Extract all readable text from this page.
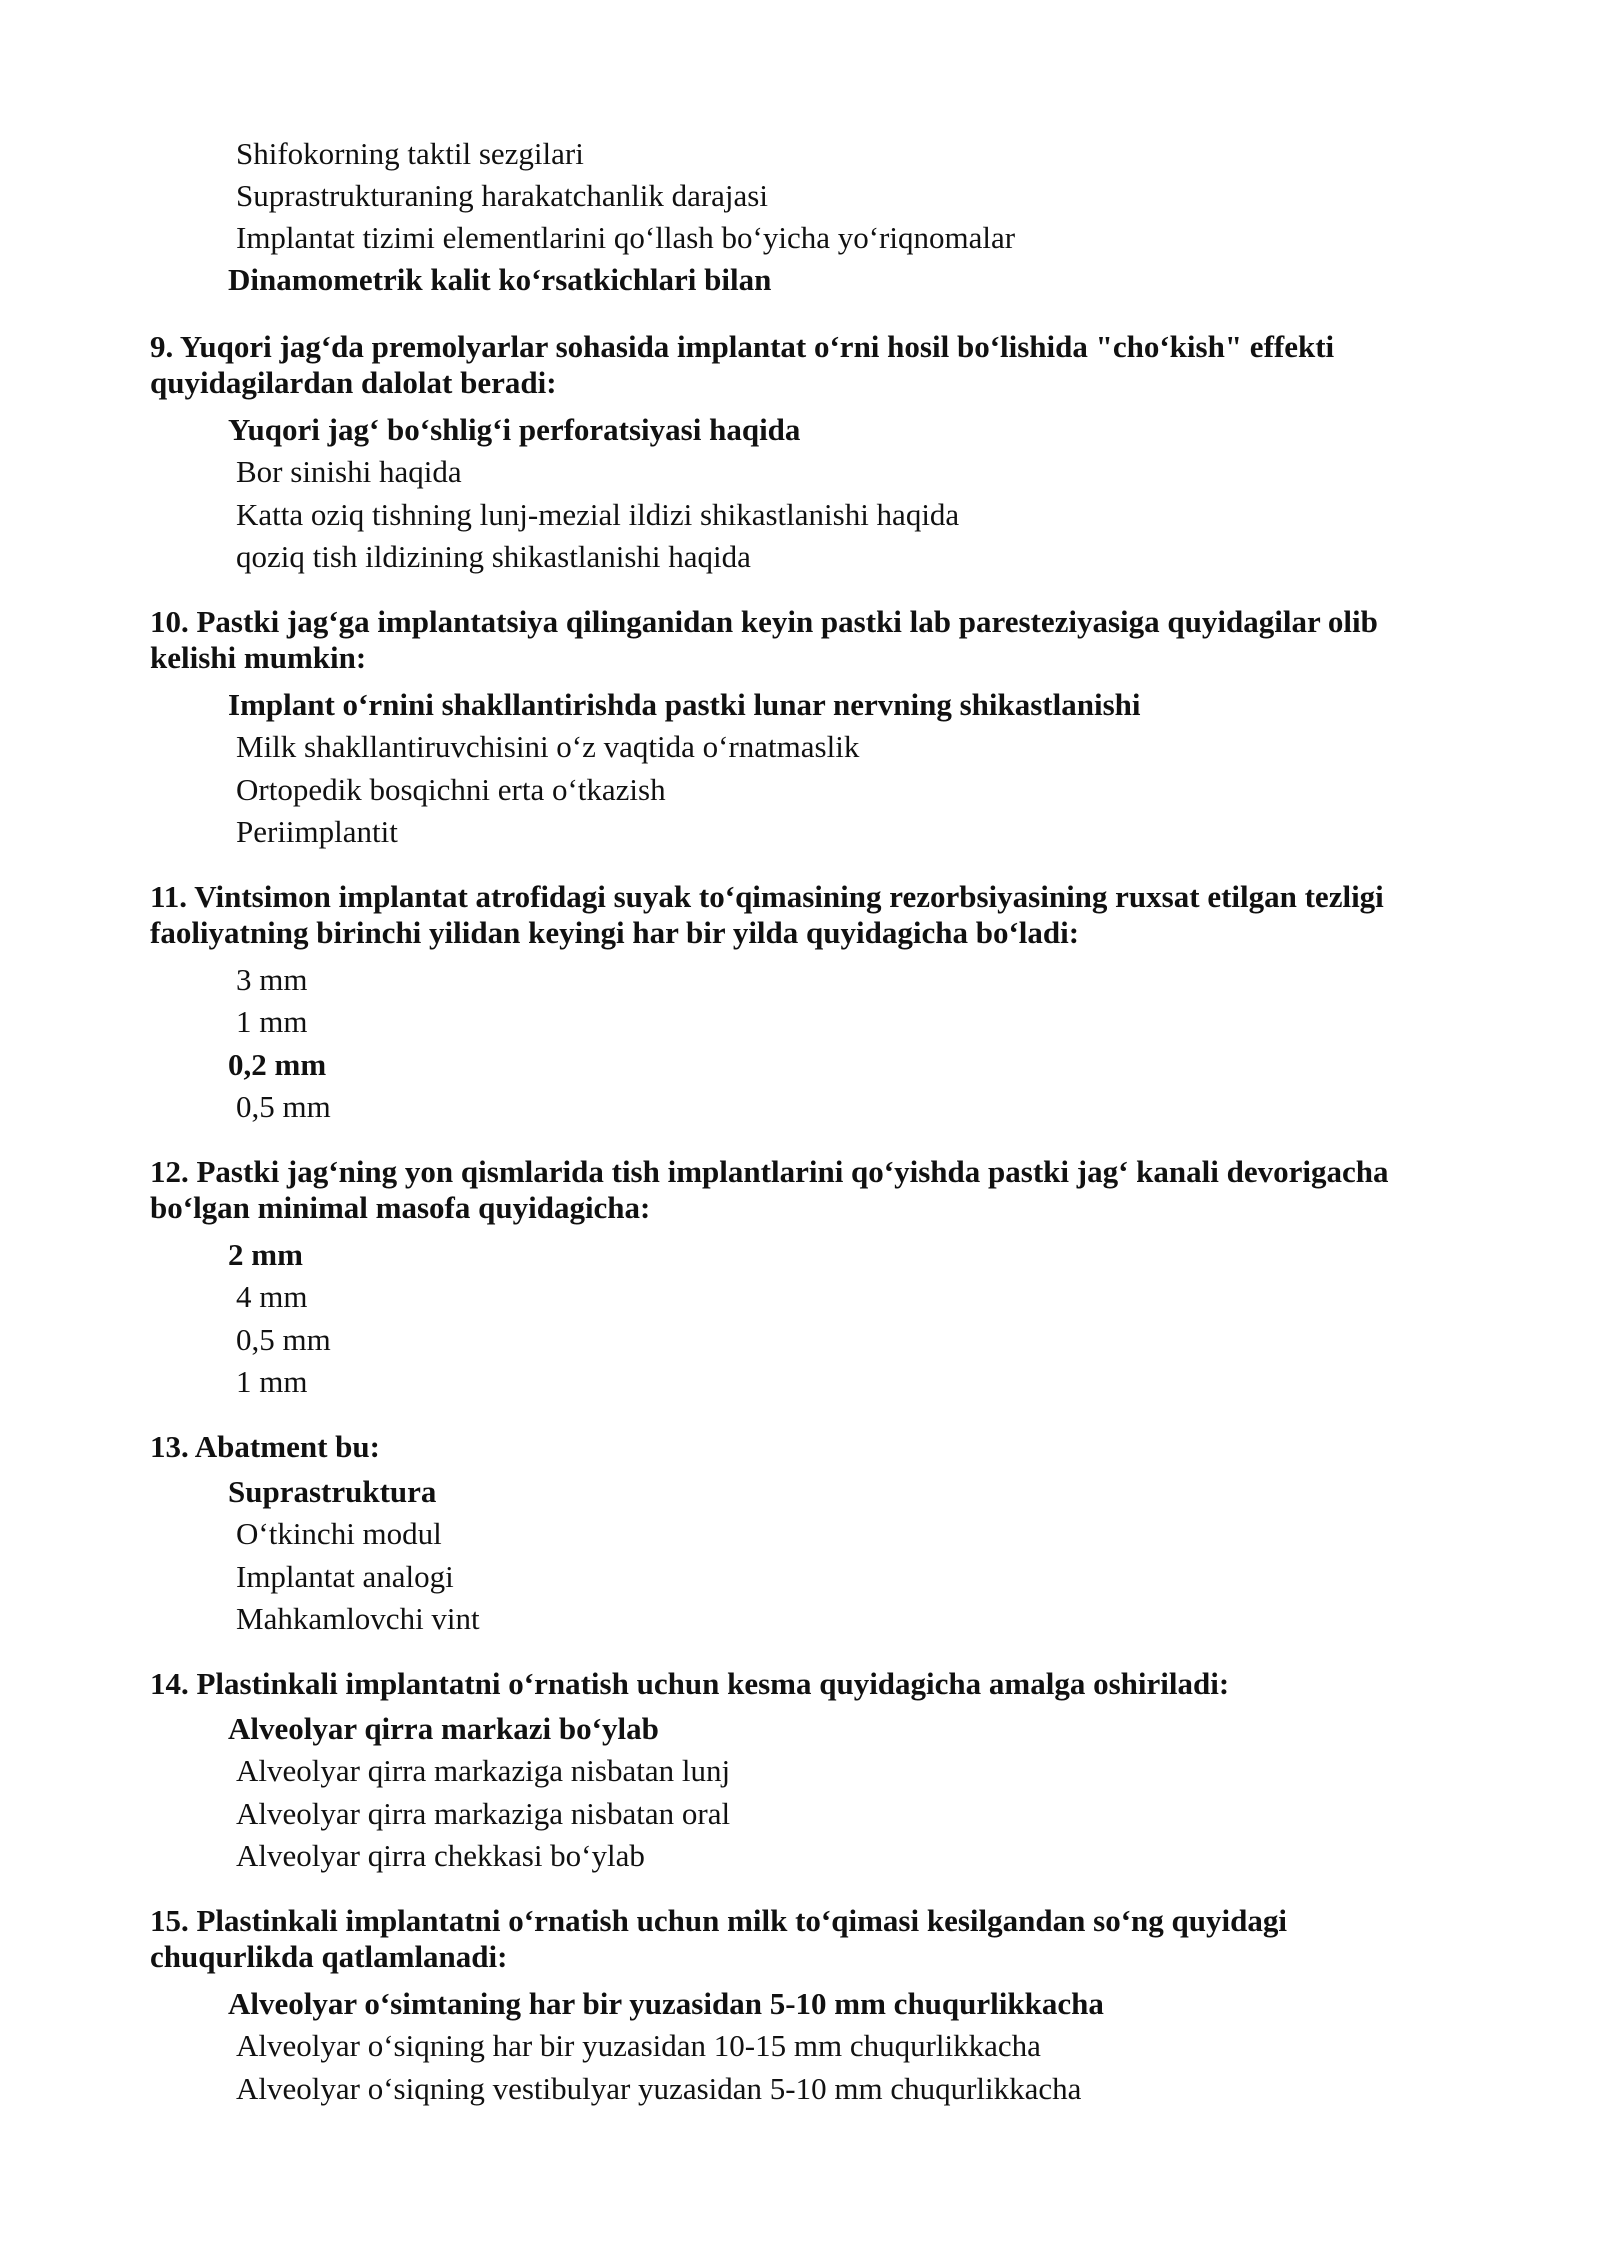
Shifokorning taktil sezgilari
Suprastrukturaning harakatchanlik darajasi
Implantat tizimi elementlarini qo‘llash bo‘yicha yo‘riqnomalar
Dinamometrik kalit ko‘rsatkichlari bilan
9. Yuqori jag‘da premolyarlar sohasida implantat o‘rni hosil bo‘lishida "cho‘kish" effekti
quyidagilardan dalolat beradi:
Yuqori jag‘ bo‘shlig‘i perforatsiyasi haqida
Bor sinishi haqida
Katta oziq tishning lunj-mezial ildizi shikastlanishi haqida
qoziq tish ildizining shikastlanishi haqida
10. Pastki jag‘ga implantatsiya qilinganidan keyin pastki lab paresteziyasiga quyidagilar olib
kelishi mumkin:
Implant o‘rnini shakllantirishda pastki lunar nervning shikastlanishi
Milk shakllantiruvchisini o‘z vaqtida o‘rnatmaslik
Ortopedik bosqichni erta o‘tkazish
Periimplantit
11. Vintsimon implantat atrofidagi suyak to‘qimasining rezorbsiyasining ruxsat etilgan tezligi
faoliyatning birinchi yilidan keyingi har bir yilda quyidagicha bo‘ladi:
3 mm
1 mm
0,2 mm
0,5 mm
12. Pastki jag‘ning yon qismlarida tish implantlarini qo‘yishda pastki jag‘ kanali devorigacha
bo‘lgan minimal masofa quyidagicha:
2 mm
4 mm
0,5 mm
1 mm
13. Abatment bu:
Suprastruktura
O‘tkinchi modul
Implantat analogi
Mahkamlovchi vint
14. Plastinkali implantatni o‘rnatish uchun kesma quyidagicha amalga oshiriladi:
Alveolyar qirra markazi bo‘ylab
Alveolyar qirra markaziga nisbatan lunj
Alveolyar qirra markaziga nisbatan oral
Alveolyar qirra chekkasi bo‘ylab
15. Plastinkali implantatni o‘rnatish uchun milk to‘qimasi kesilgandan so‘ng quyidagi
chuqurlikda qatlamlanadi:
Alveolyar o‘simtaning har bir yuzasidan 5-10 mm chuqurlikkacha
Alveolyar o‘siqning har bir yuzasidan 10-15 mm chuqurlikkacha
Alveolyar o‘siqning vestibulyar yuzasidan 5-10 mm chuqurlikkacha
